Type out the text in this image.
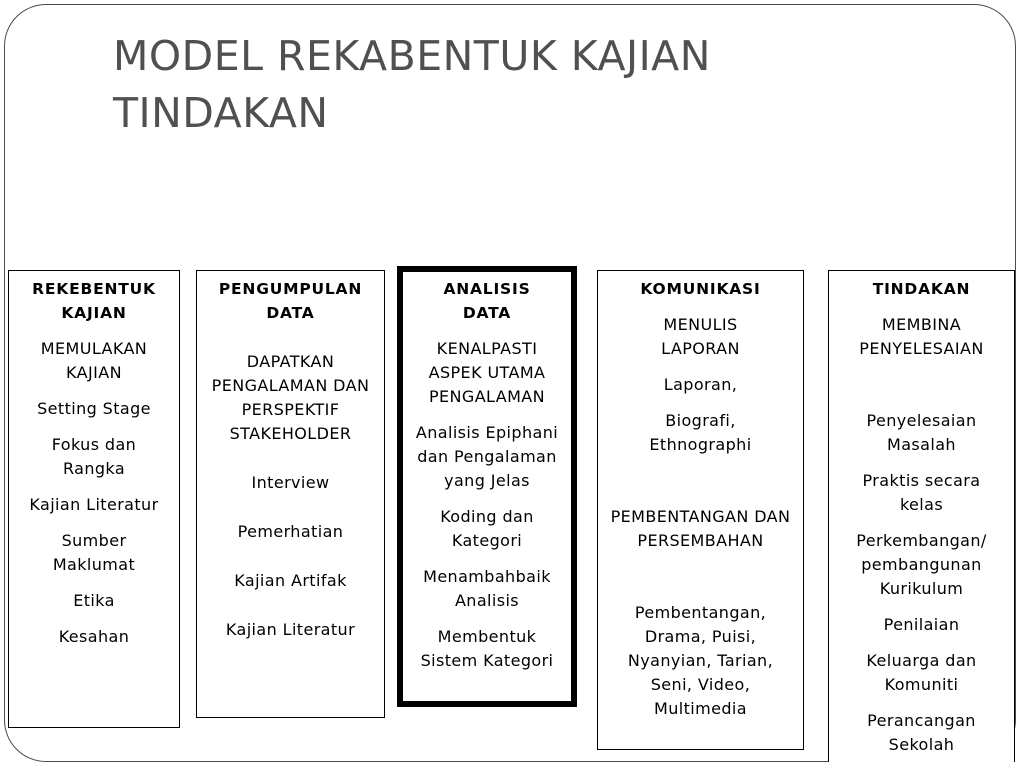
MODEL REKABENTUK KAJIAN
TINDAKAN
REKEBENTUK
KAJIAN

MEMULAKAN KAJIAN

Setting Stage

Fokus dan Rangka

Kajian Literatur

Sumber Maklumat

Etika

Kesahan

PENGUMPULAN
DATA

DAPATKAN PENGALAMAN DAN PERSPEKTIF STAKEHOLDER

Interview

Pemerhatian

Kajian Artifak

Kajian Literatur

ANALISIS
DATA

KENALPASTI ASPEK UTAMA PENGALAMAN

Analisis Epiphani dan Pengalaman yang Jelas

Koding dan Kategori

Menambahbaik Analisis

Membentuk Sistem Kategori

KOMUNIKASI

MENULIS LAPORAN

Laporan,

Biografi, Ethnographi

PEMBENTANGAN DAN PERSEMBAHAN

Pembentangan, Drama, Puisi, Nyanyian, Tarian, Seni, Video, Multimedia

TINDAKAN

MEMBINA PENYELESAIAN

Penyelesaian Masalah

Praktis secara kelas

Perkembangan/ pembangunan Kurikulum

Penilaian

Keluarga dan Komuniti

Perancangan Sekolah
